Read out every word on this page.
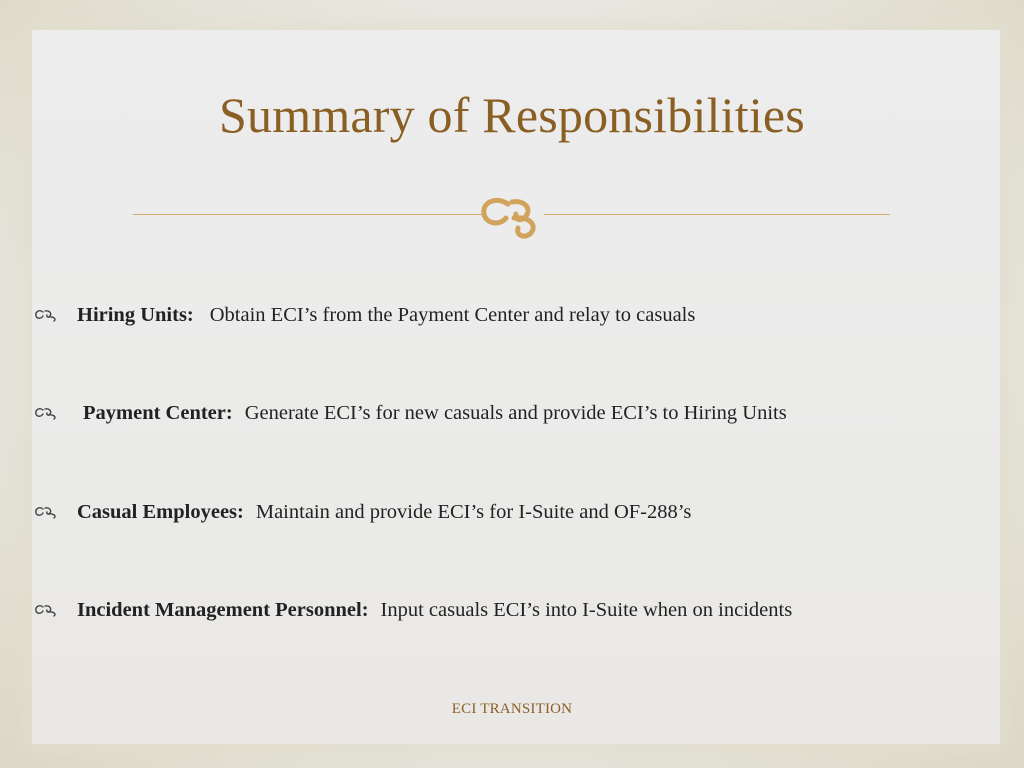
Summary of Responsibilities
Hiring Units: Obtain ECI’s from the Payment Center and relay to casuals
Payment Center: Generate ECI’s for new casuals and provide ECI’s to Hiring Units
Casual Employees: Maintain and provide ECI’s for I-Suite and OF-288’s
Incident Management Personnel: Input casuals ECI’s into I-Suite when on incidents
ECI TRANSITION
